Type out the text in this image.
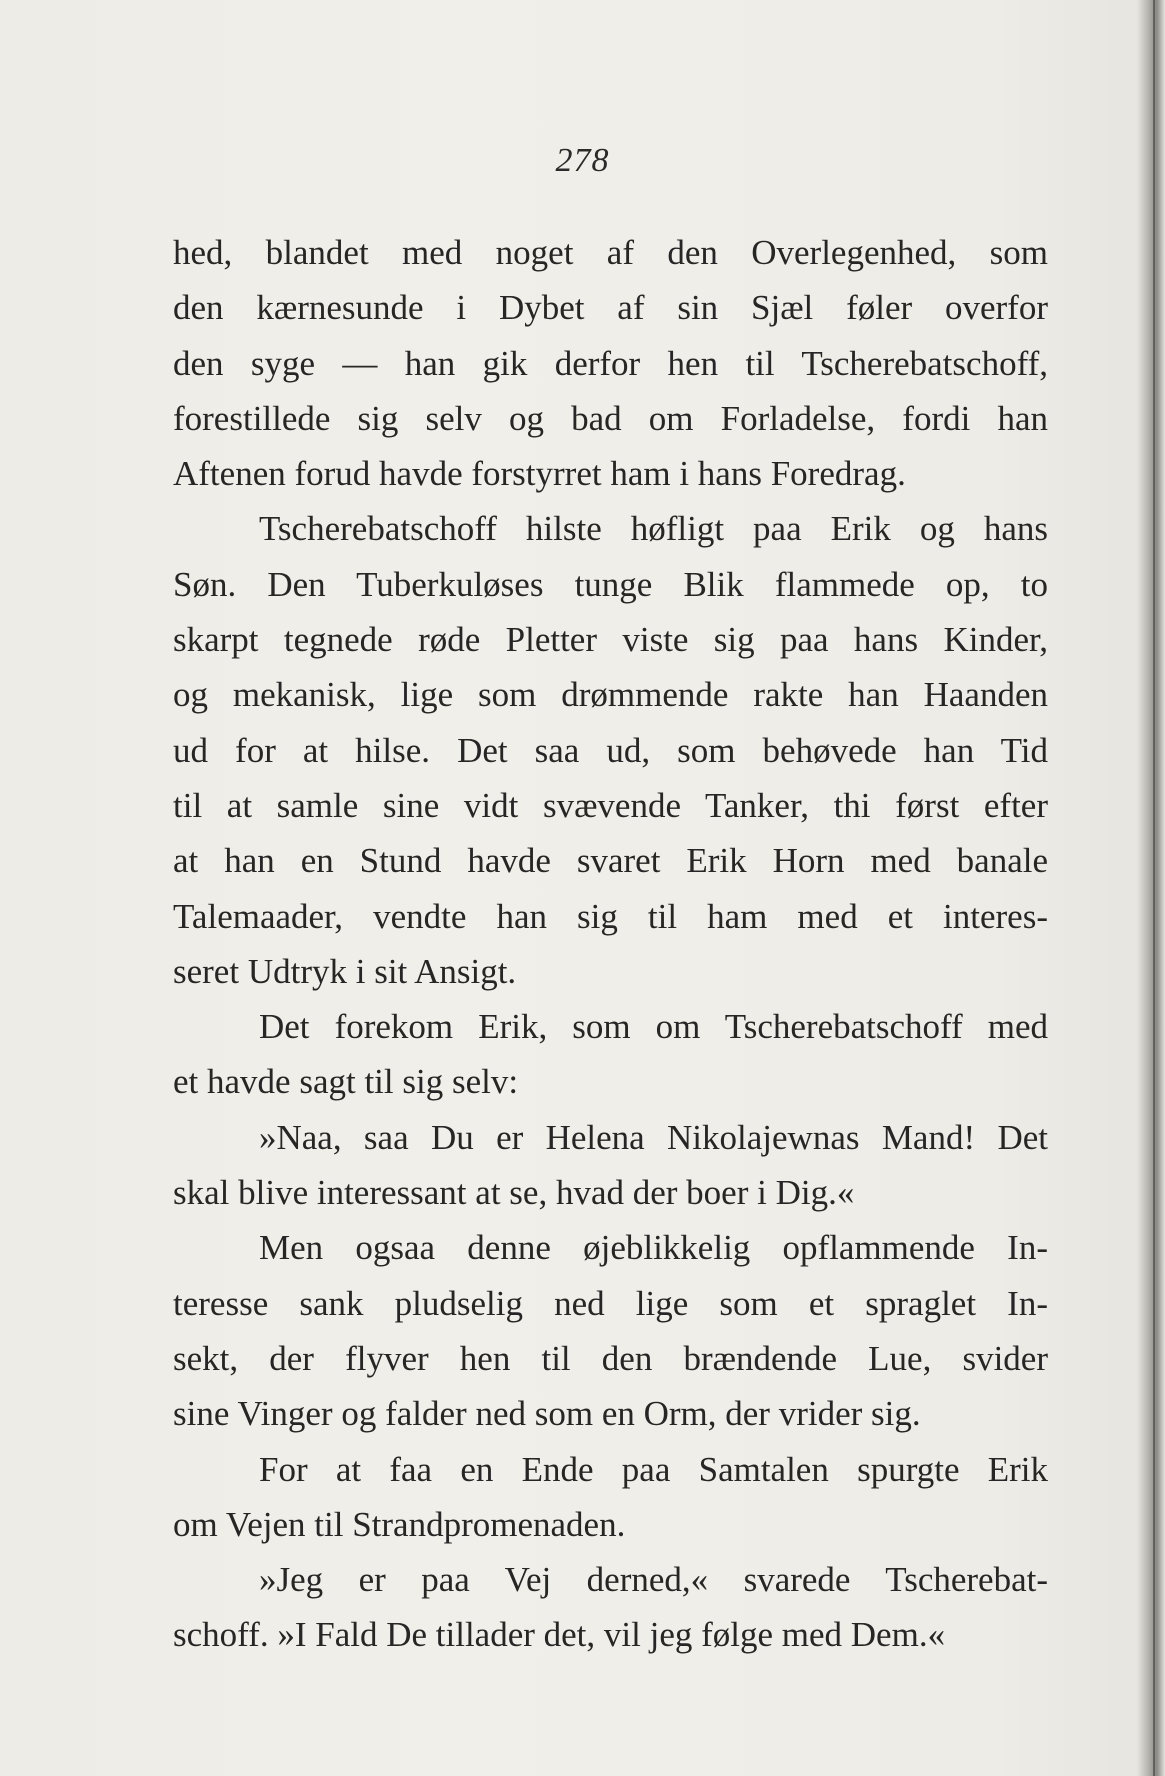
278
hed, blandet med noget af den Overlegenhed, som
den kærnesunde i Dybet af sin Sjæl føler overfor
den syge — han gik derfor hen til Tscherebatschoff,
forestillede sig selv og bad om Forladelse, fordi han
Aftenen forud havde forstyrret ham i hans Foredrag.
Tscherebatschoff hilste høfligt paa Erik og hans
Søn. Den Tuberkuløses tunge Blik flammede op, to
skarpt tegnede røde Pletter viste sig paa hans Kinder,
og mekanisk, lige som drømmende rakte han Haanden
ud for at hilse. Det saa ud, som behøvede han Tid
til at samle sine vidt svævende Tanker, thi først efter
at han en Stund havde svaret Erik Horn med banale
Talemaader, vendte han sig til ham med et interes-
seret Udtryk i sit Ansigt.
Det forekom Erik, som om Tscherebatschoff med
et havde sagt til sig selv:
»Naa, saa Du er Helena Nikolajewnas Mand! Det
skal blive interessant at se, hvad der boer i Dig.«
Men ogsaa denne øjeblikkelig opflammende In-
teresse sank pludselig ned lige som et spraglet In-
sekt, der flyver hen til den brændende Lue, svider
sine Vinger og falder ned som en Orm, der vrider sig.
For at faa en Ende paa Samtalen spurgte Erik
om Vejen til Strandpromenaden.
»Jeg er paa Vej derned,« svarede Tscherebat-
schoff. »I Fald De tillader det, vil jeg følge med Dem.«
